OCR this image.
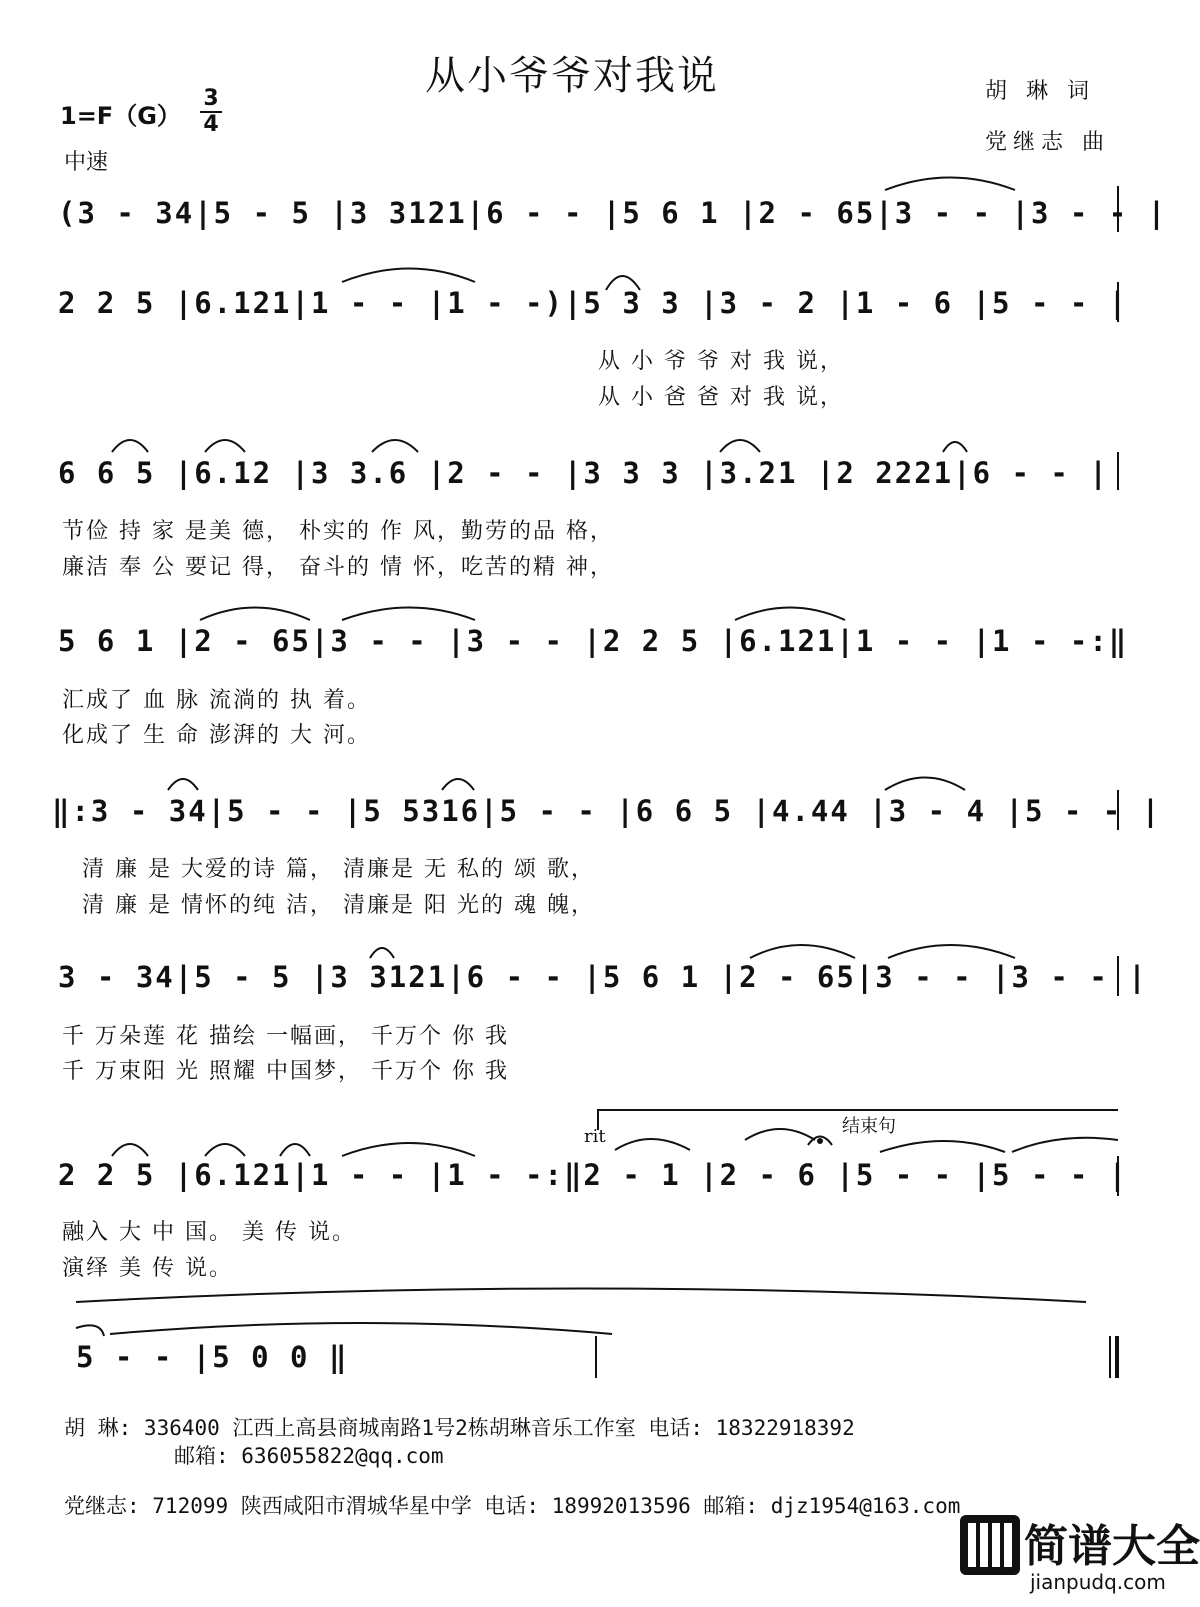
从小爷爷对我说	胡 琳 词
党继志 曲
1=F（G）
3
4
中速
(3 - 34|5 - 5 |3 3121|6 - - |5 6 1 |2 - 65|3 - - |3 - - |
2 2 5 |6.121|1 - - |1 - -)|5 3 3 |3 - 2 |1 - 6 |5 - - |
从 小 爷 爷 对 我 说，
从 小 爸 爸 对 我 说，
6 6 5 |6.12 |3 3.6 |2 - - |3 3 3 |3.21 |2 2221|6 - - |
节俭 持 家 是美 德， 朴实的 作 风，勤劳的品 格，
廉洁 奉 公 要记 得， 奋斗的 情 怀，吃苦的精 神，
5 6 1 |2 - 65|3 - - |3 - - |2 2 5 |6.121|1 - - |1 - -:‖
汇成了 血 脉 流淌的 执 着。
化成了 生 命 澎湃的 大 河。
‖:3 - 34|5 - - |5 5316|5 - - |6 6 5 |4.44 |3 - 4 |5 - - |
清 廉 是 大爱的诗 篇， 清廉是 无 私的 颂 歌，
清 廉 是 情怀的纯 洁， 清廉是 阳 光的 魂 魄，
3 - 34|5 - 5 |3 3121|6 - - |5 6 1 |2 - 65|3 - - |3 - - |
千 万朵莲 花 描绘 一幅画， 千万个 你 我
千 万束阳 光 照耀 中国梦， 千万个 你 我
rit	结束句
2 2 5 |6.121|1 - - |1 - -:‖2 - 1 |2 - 6 |5 - - |5 - - |
融入 大 中 国。 美 传 说。
演绎 美 传 说。
5 - - |5 0 0 ‖
胡 琳: 336400 江西上高县商城南路1号2栋胡琳音乐工作室 电话: 18322918392
邮箱: 636055822@qq.com
党继志: 712099 陕西咸阳市渭城华星中学 电话: 18992013596 邮箱: djz1954@163.com
简谱大全
jianpudq.com
